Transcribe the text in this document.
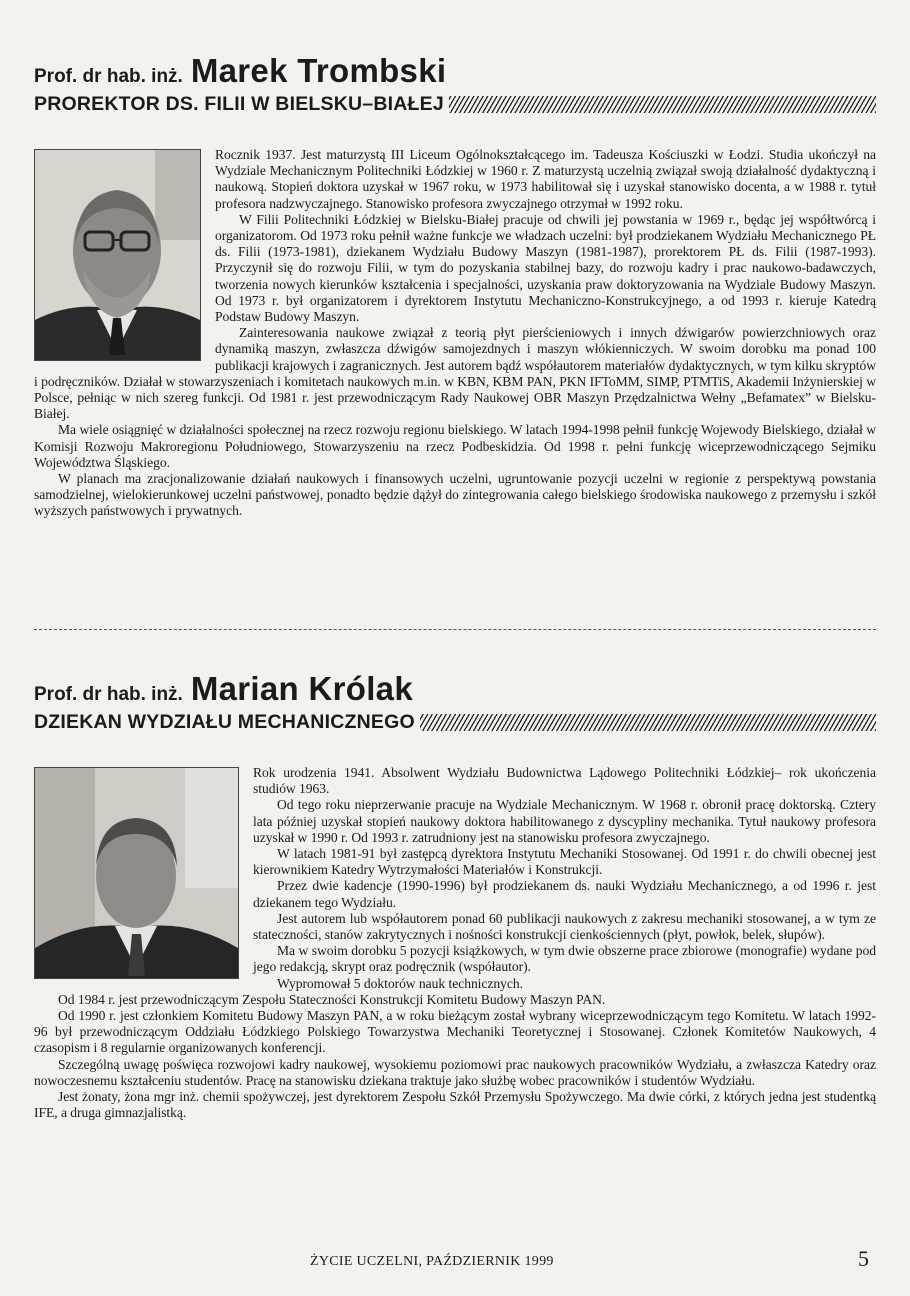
Prof. dr hab. inż. Marek Trombski
PROREKTOR DS. FILII W BIELSKU–BIAŁEJ

Rocznik 1937. Jest maturzystą III Liceum Ogólnokształcącego im. Tadeusza Kościuszki w Łodzi. Studia ukończył na Wydziale Mechanicznym Politechniki Łódzkiej w 1960 r. Z maturzystą uczelnią związał swoją działalność dydaktyczną i naukową. Stopień doktora uzyskał w 1967 roku, w 1973 habilitował się i uzyskał stanowisko docenta, a w 1988 r. tytuł profesora nadzwyczajnego. Stanowisko profesora zwyczajnego otrzymał w 1992 roku.

W Filii Politechniki Łódzkiej w Bielsku-Białej pracuje od chwili jej powstania w 1969 r., będąc jej współtwórcą i organizatorom. Od 1973 roku pełnił ważne funkcje we władzach uczelni: był prodziekanem Wydziału Mechanicznego PŁ ds. Filii (1973-1981), dziekanem Wydziału Budowy Maszyn (1981-1987), prorektorem PŁ ds. Filii (1987-1993). Przyczynił się do rozwoju Filii, w tym do pozyskania stabilnej bazy, do rozwoju kadry i prac naukowo-badawczych, tworzenia nowych kierunków kształcenia i specjalności, uzyskania praw doktoryzowania na Wydziale Budowy Maszyn. Od 1973 r. był organizatorem i dyrektorem Instytutu Mechaniczno-Konstrukcyjnego, a od 1993 r. kieruje Katedrą Podstaw Budowy Maszyn.

Zainteresowania naukowe związał z teorią płyt pierścieniowych i innych dźwigarów powierzchniowych oraz dynamiką maszyn, zwłaszcza dźwigów samojezdnych i maszyn włókienniczych. W swoim dorobku ma ponad 100 publikacji krajowych i zagranicznych. Jest autorem bądź współautorem materiałów dydaktycznych, w tym kilku skryptów i podręczników. Działał w stowarzyszeniach i komitetach naukowych m.in. w KBN, KBM PAN, PKN IFToMM, SIMP, PTMTiS, Akademii Inżynierskiej w Polsce, pełniąc w nich szereg funkcji. Od 1981 r. jest przewodniczącym Rady Naukowej OBR Maszyn Przędzalnictwa Wełny „Befamatex” w Bielsku-Białej.

Ma wiele osiągnięć w działalności społecznej na rzecz rozwoju regionu bielskiego. W latach 1994-1998 pełnił funkcję Wojewody Bielskiego, działał w Komisji Rozwoju Makroregionu Południowego, Stowarzyszeniu na rzecz Podbeskidzia. Od 1998 r. pełni funkcję wiceprzewodniczącego Sejmiku Województwa Śląskiego.

W planach ma zracjonalizowanie działań naukowych i finansowych uczelni, ugruntowanie pozycji uczelni w regionie z perspektywą powstania samodzielnej, wielokierunkowej uczelni państwowej, ponadto będzie dążył do zintegrowania całego bielskiego środowiska naukowego z przemysłu i szkół wyższych państwowych i prywatnych.

Prof. dr hab. inż. Marian Królak
DZIEKAN WYDZIAŁU MECHANICZNEGO

Rok urodzenia 1941. Absolwent Wydziału Budownictwa Lądowego Politechniki Łódzkiej– rok ukończenia studiów 1963.

Od tego roku nieprzerwanie pracuje na Wydziale Mechanicznym. W 1968 r. obronił pracę doktorską. Cztery lata później uzyskał stopień naukowy doktora habilitowanego z dyscypliny mechanika. Tytuł naukowy profesora uzyskał w 1990 r. Od 1993 r. zatrudniony jest na stanowisku profesora zwyczajnego.

W latach 1981-91 był zastępcą dyrektora Instytutu Mechaniki Stosowanej. Od 1991 r. do chwili obecnej jest kierownikiem Katedry Wytrzymałości Materiałów i Konstrukcji.

Przez dwie kadencje (1990-1996) był prodziekanem ds. nauki Wydziału Mechanicznego, a od 1996 r. jest dziekanem tego Wydziału.

Jest autorem lub współautorem ponad 60 publikacji naukowych z zakresu mechaniki stosowanej, a w tym ze stateczności, stanów zakrytycznych i nośności konstrukcji cienkościennych (płyt, powłok, belek, słupów).

Ma w swoim dorobku 5 pozycji książkowych, w tym dwie obszerne prace zbiorowe (monografie) wydane pod jego redakcją, skrypt oraz podręcznik (współautor).

Wypromował 5 doktorów nauk technicznych.

Od 1984 r. jest przewodniczącym Zespołu Stateczności Konstrukcji Komitetu Budowy Maszyn PAN.

Od 1990 r. jest członkiem Komitetu Budowy Maszyn PAN, a w roku bieżącym został wybrany wiceprzewodniczącym tego Komitetu. W latach 1992-96 był przewodniczącym Oddziału Łódzkiego Polskiego Towarzystwa Mechaniki Teoretycznej i Stosowanej. Członek Komitetów Naukowych, 4 czasopism i 8 regularnie organizowanych konferencji.

Szczególną uwagę poświęca rozwojowi kadry naukowej, wysokiemu poziomowi prac naukowych pracowników Wydziału, a zwłaszcza Katedry oraz nowoczesnemu kształceniu studentów. Pracę na stanowisku dziekana traktuje jako służbę wobec pracowników i studentów Wydziału.

Jest żonaty, żona mgr inż. chemii spożywczej, jest dyrektorem Zespołu Szkół Przemysłu Spożywczego. Ma dwie córki, z których jedna jest studentką IFE, a druga gimnazjalistką.

ŻYCIE UCZELNI, PAŹDZIERNIK 1999	5
